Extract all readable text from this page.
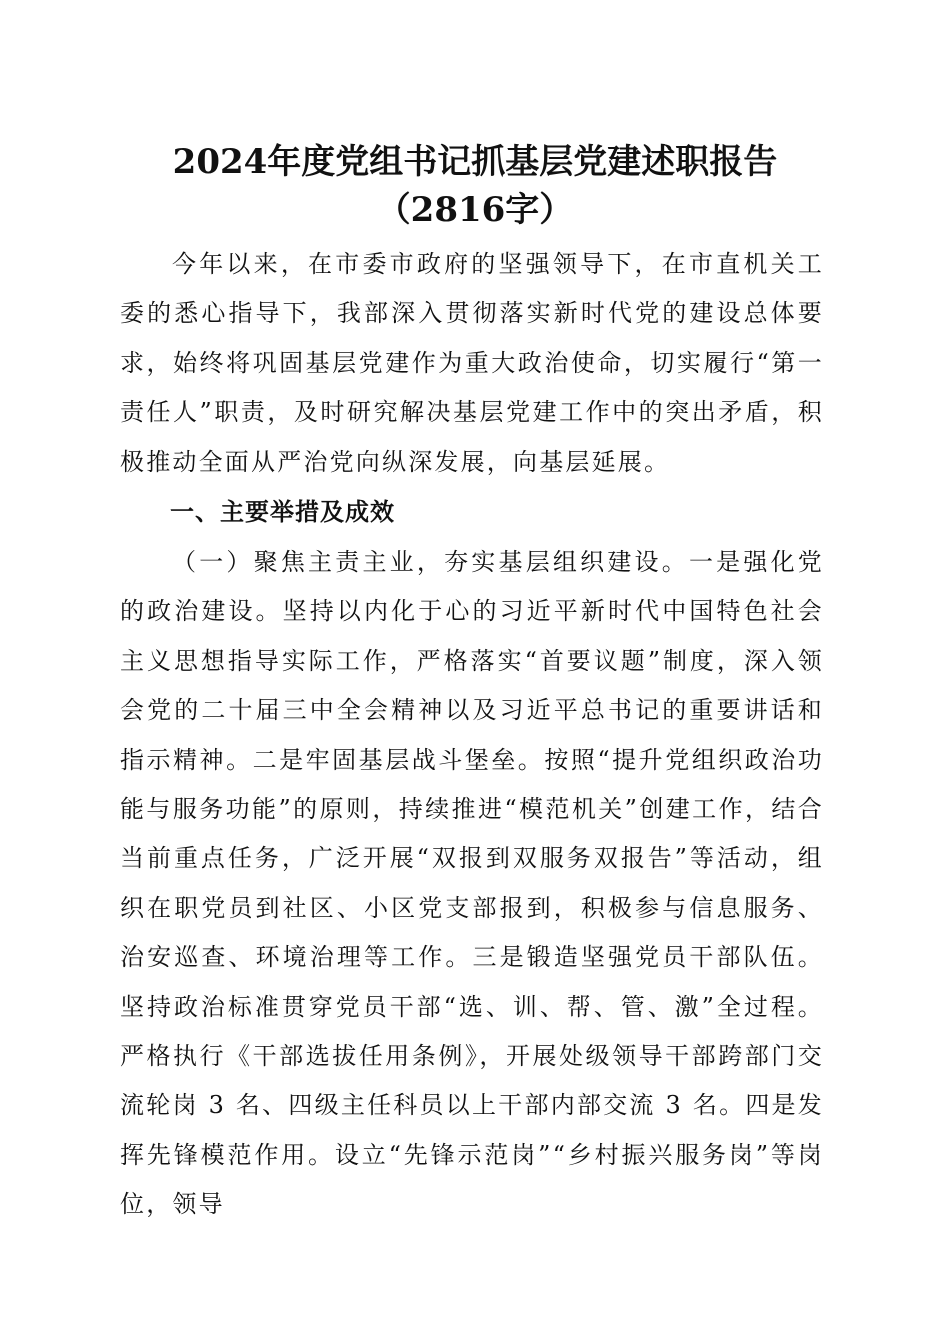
2024年度党组书记抓基层党建述职报告
（2816字）

今年以来，在市委市政府的坚强领导下，在市直机关工委的悉心指导下，我部深入贯彻落实新时代党的建设总体要求，始终将巩固基层党建作为重大政治使命，切实履行“第一责任人”职责，及时研究解决基层党建工作中的突出矛盾，积极推动全面从严治党向纵深发展，向基层延展。

一、主要举措及成效

（一）聚焦主责主业，夯实基层组织建设。一是强化党的政治建设。坚持以内化于心的习近平新时代中国特色社会主义思想指导实际工作，严格落实“首要议题”制度，深入领会党的二十届三中全会精神以及习近平总书记的重要讲话和指示精神。二是牢固基层战斗堡垒。按照“提升党组织政治功能与服务功能”的原则，持续推进“模范机关”创建工作，结合当前重点任务，广泛开展“双报到双服务双报告”等活动，组织在职党员到社区、小区党支部报到，积极参与信息服务、治安巡查、环境治理等工作。三是锻造坚强党员干部队伍。坚持政治标准贯穿党员干部“选、训、帮、管、激”全过程。严格执行《干部选拔任用条例》，开展处级领导干部跨部门交流轮岗 3 名、四级主任科员以上干部内部交流 3 名。四是发挥先锋模范作用。设立“先锋示范岗”“乡村振兴服务岗”等岗位，领导
